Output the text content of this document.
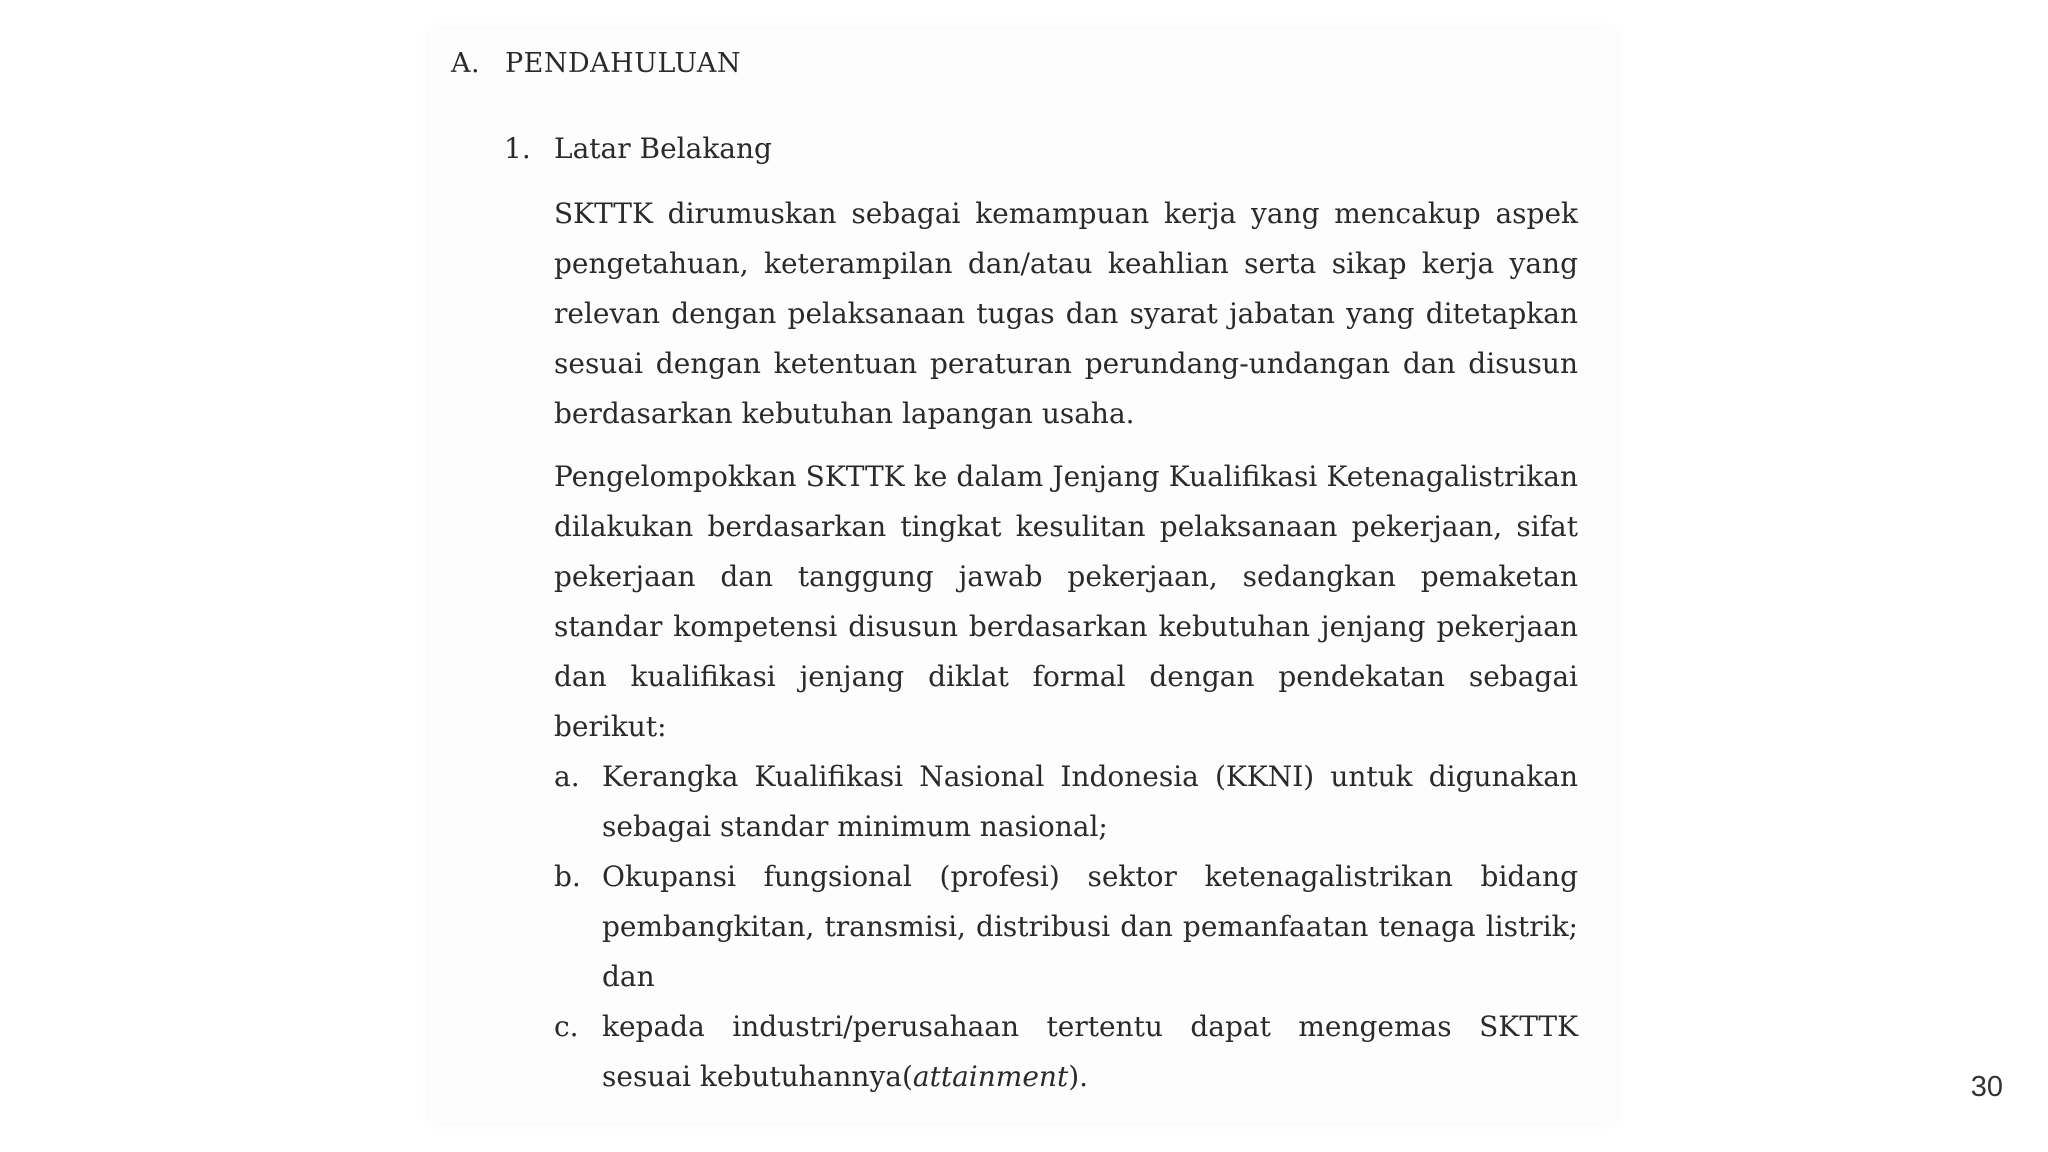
A. PENDAHULUAN
1. Latar Belakang

SKTTK dirumuskan sebagai kemampuan kerja yang mencakup aspek pengetahuan, keterampilan dan/atau keahlian serta sikap kerja yang relevan dengan pelaksanaan tugas dan syarat jabatan yang ditetapkan sesuai dengan ketentuan peraturan perundang-undangan dan disusun berdasarkan kebutuhan lapangan usaha.

Pengelompokkan SKTTK ke dalam Jenjang Kualifikasi Ketenagalistrikan dilakukan berdasarkan tingkat kesulitan pelaksanaan pekerjaan, sifat pekerjaan dan tanggung jawab pekerjaan, sedangkan pemaketan standar kompetensi disusun berdasarkan kebutuhan jenjang pekerjaan dan kualifikasi jenjang diklat formal dengan pendekatan sebagai berikut:

a. Kerangka Kualifikasi Nasional Indonesia (KKNI) untuk digunakan sebagai standar minimum nasional;
b. Okupansi fungsional (profesi) sektor ketenagalistrikan bidang pembangkitan, transmisi, distribusi dan pemanfaatan tenaga listrik; dan
c. kepada industri/perusahaan tertentu dapat mengemas SKTTK sesuai kebutuhannya(attainment).	30
